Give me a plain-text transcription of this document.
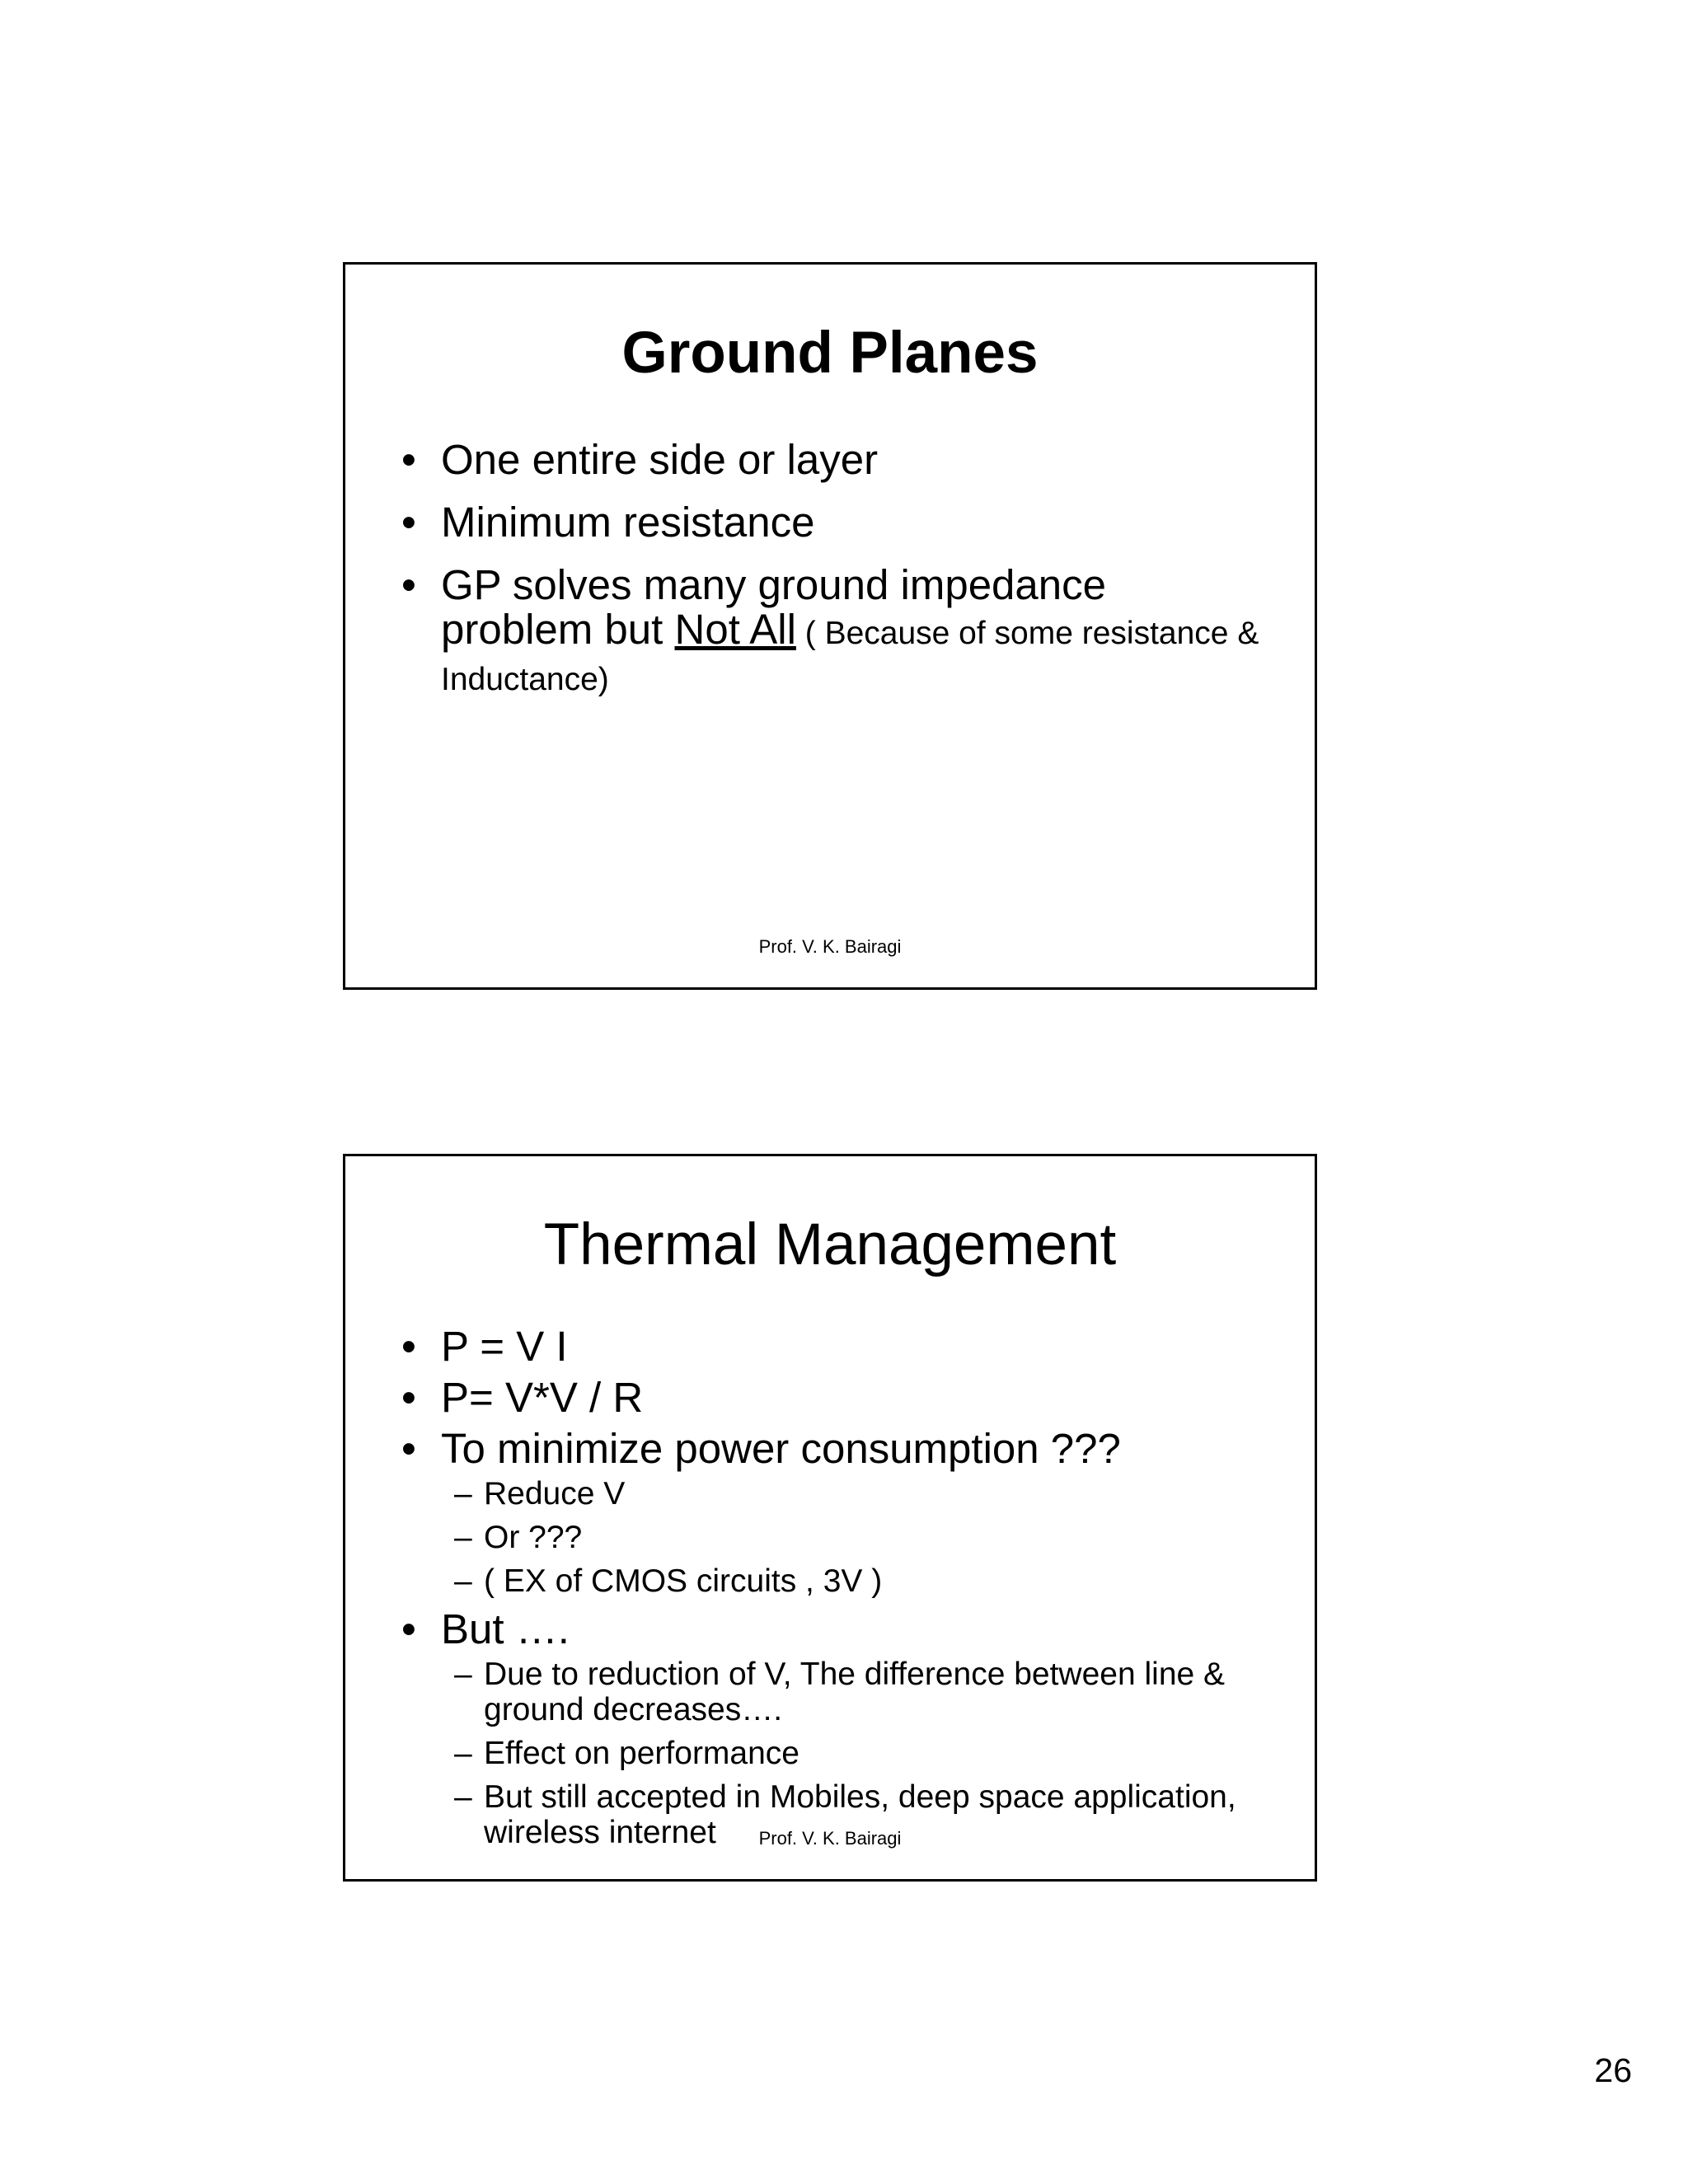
Ground Planes
• One entire side or layer
• Minimum resistance
• GP solves many ground impedance
problem but Not All ( Because of some resistance & Inductance)
Prof. V. K. Bairagi
Thermal Management
• P = V I
• P= V*V / R
• To minimize power consumption ???
– Reduce V
– Or ???
– ( EX of CMOS circuits , 3V )
• But ….
– Due to reduction of V, The difference between line & ground decreases….
– Effect on performance
– But still accepted in Mobiles, deep space application, wireless internet	Prof. V. K. Bairagi
26
